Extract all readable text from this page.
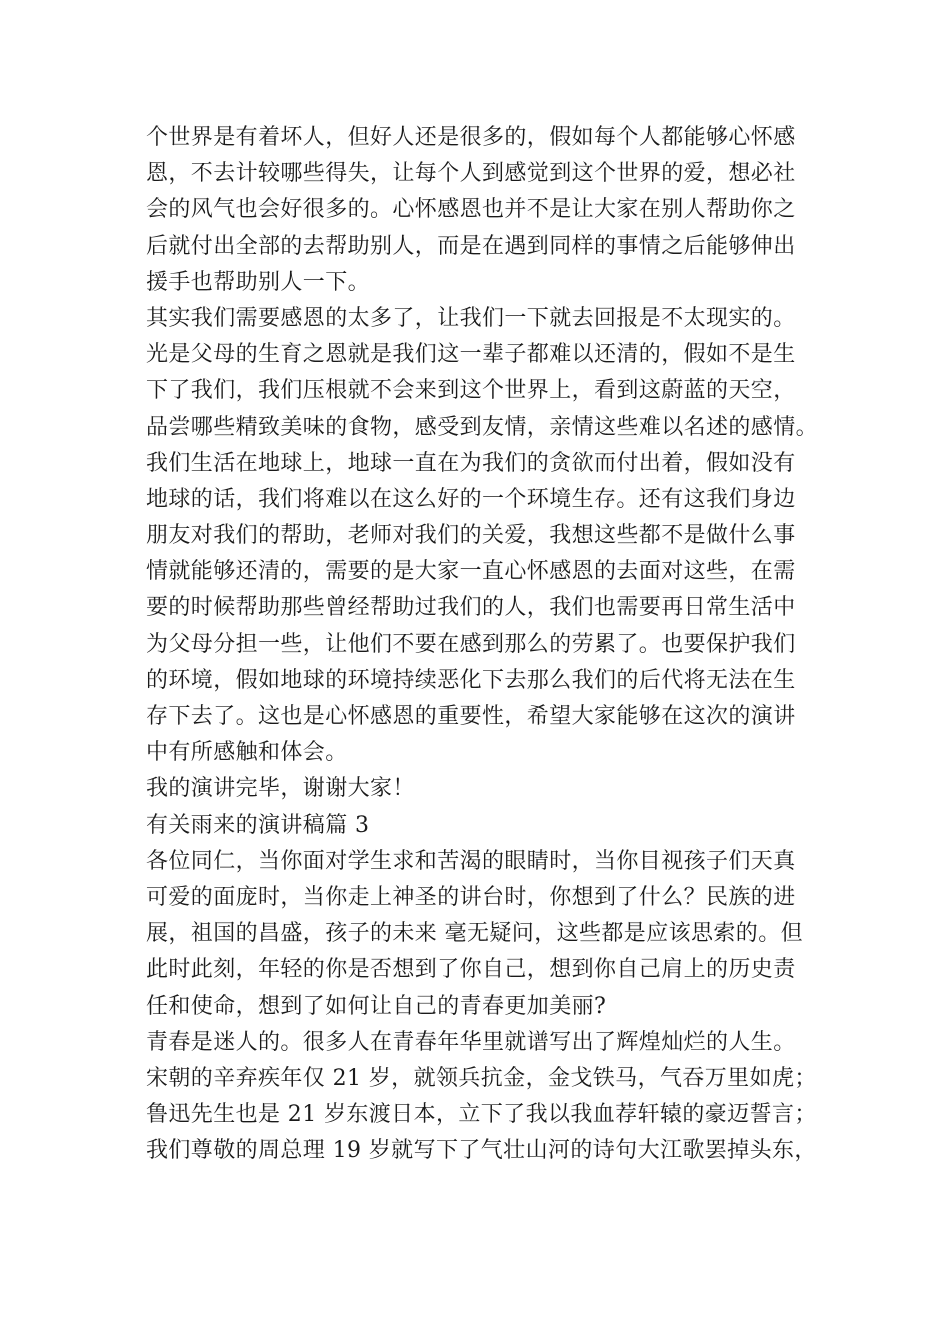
个世界是有着坏人，但好人还是很多的，假如每个人都能够心怀感
恩，不去计较哪些得失，让每个人到感觉到这个世界的爱，想必社
会的风气也会好很多的。心怀感恩也并不是让大家在别人帮助你之
后就付出全部的去帮助别人，而是在遇到同样的事情之后能够伸出
援手也帮助别人一下。
其实我们需要感恩的太多了，让我们一下就去回报是不太现实的。
光是父母的生育之恩就是我们这一辈子都难以还清的，假如不是生
下了我们，我们压根就不会来到这个世界上，看到这蔚蓝的天空，
品尝哪些精致美味的食物，感受到友情，亲情这些难以名述的感情。
我们生活在地球上，地球一直在为我们的贪欲而付出着，假如没有
地球的话，我们将难以在这么好的一个环境生存。还有这我们身边
朋友对我们的帮助，老师对我们的关爱，我想这些都不是做什么事
情就能够还清的，需要的是大家一直心怀感恩的去面对这些，在需
要的时候帮助那些曾经帮助过我们的人，我们也需要再日常生活中
为父母分担一些，让他们不要在感到那么的劳累了。也要保护我们
的环境，假如地球的环境持续恶化下去那么我们的后代将无法在生
存下去了。这也是心怀感恩的重要性，希望大家能够在这次的演讲
中有所感触和体会。
我的演讲完毕，谢谢大家！
有关雨来的演讲稿篇 3
各位同仁，当你面对学生求和苦渴的眼睛时，当你目视孩子们天真
可爱的面庞时，当你走上神圣的讲台时，你想到了什么？民族的进
展，祖国的昌盛，孩子的未来 毫无疑问，这些都是应该思索的。但
此时此刻，年轻的你是否想到了你自己，想到你自己肩上的历史责
任和使命，想到了如何让自己的青春更加美丽?
青春是迷人的。很多人在青春年华里就谱写出了辉煌灿烂的人生。
宋朝的辛弃疾年仅 21 岁，就领兵抗金，金戈铁马，气吞万里如虎；
鲁迅先生也是 21 岁东渡日本，立下了我以我血荐轩辕的豪迈誓言；
我们尊敬的周总理 19 岁就写下了气壮山河的诗句大江歌罢掉头东，
